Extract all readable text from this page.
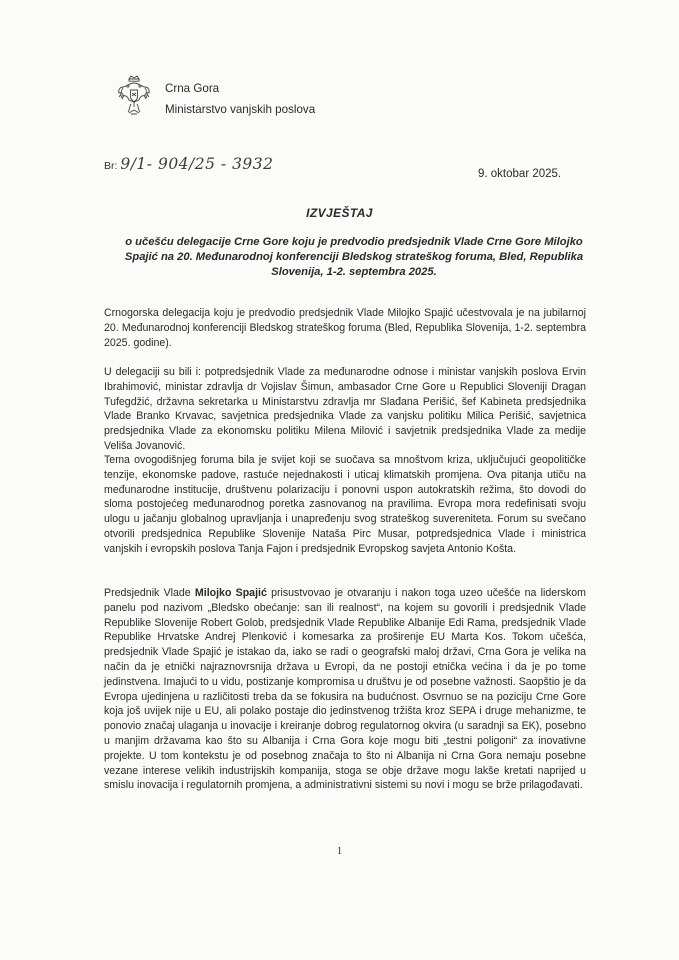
Crna Gora
Ministarstvo vanjskih poslova
Br: 9/1- 904/25 - 3932
9. oktobar 2025.
IZVJEŠTAJ
o učešću delegacije Crne Gore koju je predvodio predsjednik Vlade Crne Gore Milojko Spajić na 20. Međunarodnoj konferenciji Bledskog strateškog foruma, Bled, Republika Slovenija, 1-2. septembra 2025.

Crnogorska delegacija koju je predvodio predsjednik Vlade Milojko Spajić učestvovala je na jubilarnoj 20. Međunarodnoj konferenciji Bledskog strateškog foruma (Bled, Republika Slovenija, 1-2. septembra 2025. godine).

U delegaciji su bili i: potpredsjednik Vlade za međunarodne odnose i ministar vanjskih poslova Ervin Ibrahimović, ministar zdravlja dr Vojislav Šimun, ambasador Crne Gore u Republici Sloveniji Dragan Tufegdžić, državna sekretarka u Ministarstvu zdravlja mr Slađana Perišić, šef Kabineta predsjednika Vlade Branko Krvavac, savjetnica predsjednika Vlade za vanjsku politiku Milica Perišić, savjetnica predsjednika Vlade za ekonomsku politiku Milena Milović i savjetnik predsjednika Vlade za medije Veliša Jovanović.

Tema ovogodišnjeg foruma bila je svijet koji se suočava sa mnoštvom kriza, uključujući geopolitičke tenzije, ekonomske padove, rastuće nejednakosti i uticaj klimatskih promjena. Ova pitanja utiču na međunarodne institucije, društvenu polarizaciju i ponovni uspon autokratskih režima, što dovodi do sloma postojećeg međunarodnog poretka zasnovanog na pravilima. Evropa mora redefinisati svoju ulogu u jačanju globalnog upravljanja i unapređenju svog strateškog suvereniteta. Forum su svečano otvorili predsjednica Republike Slovenije Nataša Pirc Musar, potpredsjednica Vlade i ministrica vanjskih i evropskih poslova Tanja Fajon i predsjednik Evropskog savjeta Antonio Košta.

Predsjednik Vlade Milojko Spajić prisustvovao je otvaranju i nakon toga uzeo učešće na liderskom panelu pod nazivom „Bledsko obećanje: san ili realnost“, na kojem su govorili i predsjednik Vlade Republike Slovenije Robert Golob, predsjednik Vlade Republike Albanije Edi Rama, predsjednik Vlade Republike Hrvatske Andrej Plenković i komesarka za proširenje EU Marta Kos. Tokom učešća, predsjednik Vlade Spajić je istakao da, iako se radi o geografski maloj državi, Crna Gora je velika na način da je etnički najraznovrsnija država u Evropi, da ne postoji etnička većina i da je po tome jedinstvena. Imajući to u vidu, postizanje kompromisa u društvu je od posebne važnosti. Saopštio je da Evropa ujedinjena u različitosti treba da se fokusira na budućnost. Osvrnuo se na poziciju Crne Gore koja još uvijek nije u EU, ali polako postaje dio jedinstvenog tržišta kroz SEPA i druge mehanizme, te ponovio značaj ulaganja u inovacije i kreiranje dobrog regulatornog okvira (u saradnji sa EK), posebno u manjim državama kao što su Albanija i Crna Gora koje mogu biti „testni poligoni“ za inovativne projekte. U tom kontekstu je od posebnog značaja to što ni Albanija ni Crna Gora nemaju posebne vezane interese velikih industrijskih kompanija, stoga se obje države mogu lakše kretati naprijed u smislu inovacija i regulatornih promjena, a administrativni sistemi su novi i mogu se brže prilagođavati.

1
